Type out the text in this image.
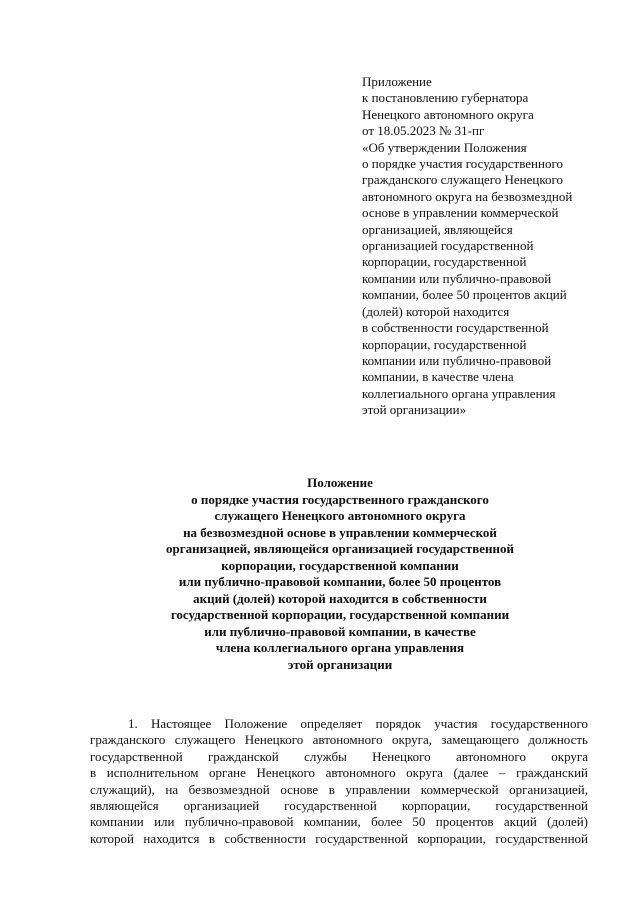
Приложение
к постановлению губернатора
Ненецкого автономного округа
от 18.05.2023 № 31-пг
«Об утверждении Положения
о порядке участия государственного
гражданского служащего Ненецкого
автономного округа на безвозмездной
основе в управлении коммерческой
организацией, являющейся
организацией государственной
корпорации, государственной
компании или публично-правовой
компании, более 50 процентов акций
(долей) которой находится
в собственности государственной
корпорации, государственной
компании или публично-правовой
компании, в качестве члена
коллегиального органа управления
этой организации»
Положение
о порядке участия государственного гражданского
служащего Ненецкого автономного округа
на безвозмездной основе в управлении коммерческой
организацией, являющейся организацией государственной
корпорации, государственной компании
или публично-правовой компании, более 50 процентов
акций (долей) которой находится в собственности
государственной корпорации, государственной компании
или публично-правовой компании, в качестве
члена коллегиального органа управления
этой организации
1. Настоящее Положение определяет порядок участия государственного
гражданского служащего Ненецкого автономного округа, замещающего должность
государственной гражданской службы Ненецкого автономного округа
в исполнительном органе Ненецкого автономного округа (далее – гражданский
служащий), на безвозмездной основе в управлении коммерческой организацией,
являющейся организацией государственной корпорации, государственной
компании или публично-правовой компании, более 50 процентов акций (долей)
которой находится в собственности государственной корпорации, государственной
